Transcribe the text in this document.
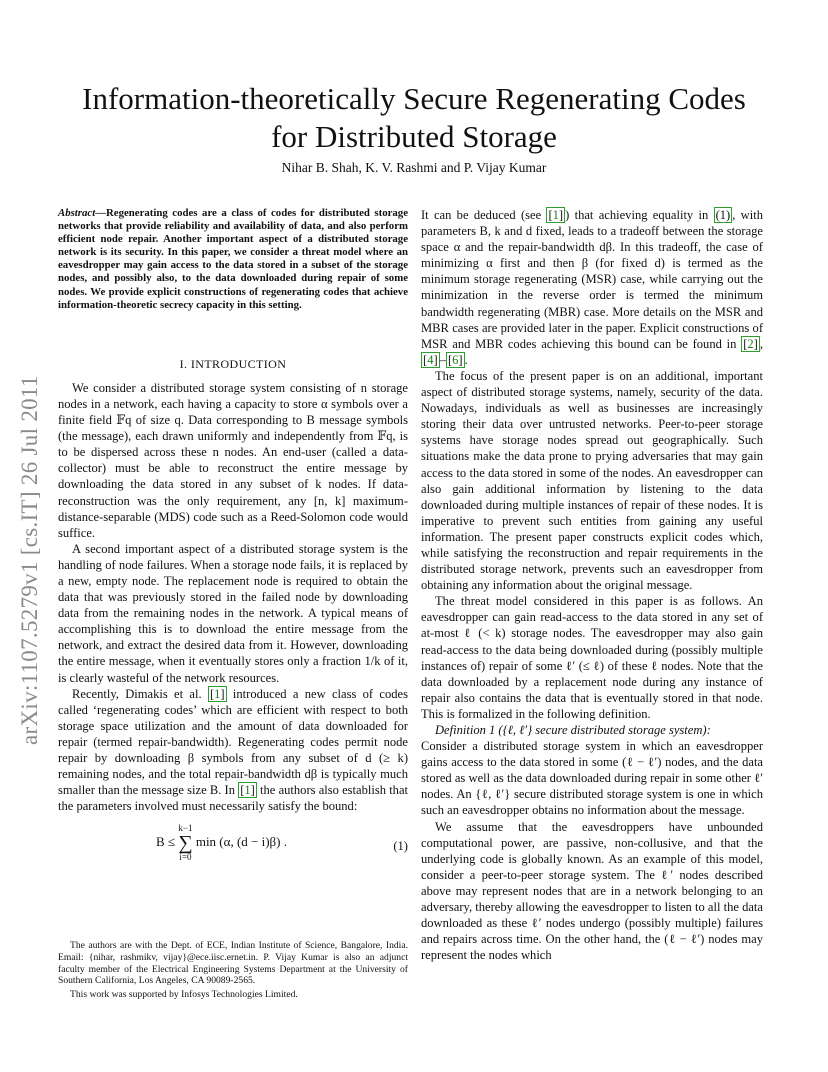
arXiv:1107.5279v1 [cs.IT] 26 Jul 2011
Information-theoretically Secure Regenerating Codes for Distributed Storage
Nihar B. Shah, K. V. Rashmi and P. Vijay Kumar

Abstract—Regenerating codes are a class of codes for distributed storage networks that provide reliability and availability of data, and also perform efficient node repair. Another important aspect of a distributed storage network is its security. In this paper, we consider a threat model where an eavesdropper may gain access to the data stored in a subset of the storage nodes, and possibly also, to the data downloaded during repair of some nodes. We provide explicit constructions of regenerating codes that achieve information-theoretic secrecy capacity in this setting.

I. INTRODUCTION

We consider a distributed storage system consisting of n storage nodes in a network, each having a capacity to store α symbols over a finite field 𝔽q of size q. Data corresponding to B message symbols (the message), each drawn uniformly and independently from 𝔽q, is to be dispersed across these n nodes. An end-user (called a data-collector) must be able to reconstruct the entire message by downloading the data stored in any subset of k nodes. If data-reconstruction was the only requirement, any [n, k] maximum-distance-separable (MDS) code such as a Reed-Solomon code would suffice.

A second important aspect of a distributed storage system is the handling of node failures. When a storage node fails, it is replaced by a new, empty node. The replacement node is required to obtain the data that was previously stored in the failed node by downloading data from the remaining nodes in the network. A typical means of accomplishing this is to download the entire message from the network, and extract the desired data from it. However, downloading the entire message, when it eventually stores only a fraction 1/k of it, is clearly wasteful of the network resources.

Recently, Dimakis et al. [ 1 ] introduced a new class of codes called ‘regenerating codes’ which are efficient with respect to both storage space utilization and the amount of data downloaded for repair (termed repair-bandwidth). Regenerating codes permit node repair by downloading β symbols from any subset of d (≥ k) remaining nodes, and the total repair-bandwidth dβ is typically much smaller than the message size B. In [ 1 ] the authors also establish that the parameters involved must necessarily satisfy the bound:

B ≤ k−1
∑
i=0 min (α, (d − i)β) .	(1)

The authors are with the Dept. of ECE, Indian Institute of Science, Bangalore, India. Email: {nihar, rashmikv, vijay}@ece.iisc.ernet.in. P. Vijay Kumar is also an adjunct faculty member of the Electrical Engineering Systems Department at the University of Southern California, Los Angeles, CA 90089-2565.

This work was supported by Infosys Technologies Limited.

It can be deduced (see [ 1 ] ) that achieving equality in (1) , with parameters B, k and d fixed, leads to a tradeoff between the storage space α and the repair-bandwidth dβ. In this tradeoff, the case of minimizing α first and then β (for fixed d) is termed as the minimum storage regenerating (MSR) case, while carrying out the minimization in the reverse order is termed the minimum bandwidth regenerating (MBR) case. More details on the MSR and MBR cases are provided later in the paper. Explicit constructions of MSR and MBR codes achieving this bound can be found in [ 2 ] , [ 4 ] – [ 6 ] .

The focus of the present paper is on an additional, important aspect of distributed storage systems, namely, security of the data. Nowadays, individuals as well as businesses are increasingly storing their data over untrusted networks. Peer-to-peer storage systems have storage nodes spread out geographically. Such situations make the data prone to prying adversaries that may gain access to the data stored in some of the nodes. An eavesdropper can also gain additional information by listening to the data downloaded during multiple instances of repair of these nodes. It is imperative to prevent such entities from gaining any useful information. The present paper constructs explicit codes which, while satisfying the reconstruction and repair requirements in the distributed storage network, prevents such an eavesdropper from obtaining any information about the original message.

The threat model considered in this paper is as follows. An eavesdropper can gain read-access to the data stored in any set of at-most ℓ (< k) storage nodes. The eavesdropper may also gain read-access to the data being downloaded during (possibly multiple instances of) repair of some ℓ′ (≤ ℓ) of these ℓ nodes. Note that the data downloaded by a replacement node during any instance of repair also contains the data that is eventually stored in that node. This is formalized in the following definition.

Definition 1 ({ℓ, ℓ′} secure distributed storage system):

Consider a distributed storage system in which an eavesdropper gains access to the data stored in some (ℓ − ℓ′) nodes, and the data stored as well as the data downloaded during repair in some other ℓ′ nodes. An {ℓ, ℓ′} secure distributed storage system is one in which such an eavesdropper obtains no information about the message.

We assume that the eavesdroppers have unbounded computational power, are passive, non-collusive, and that the underlying code is globally known. As an example of this model, consider a peer-to-peer storage system. The ℓ′ nodes described above may represent nodes that are in a network belonging to an adversary, thereby allowing the eavesdropper to listen to all the data downloaded as these ℓ′ nodes undergo (possibly multiple) failures and repairs across time. On the other hand, the (ℓ − ℓ′) nodes may represent the nodes which
